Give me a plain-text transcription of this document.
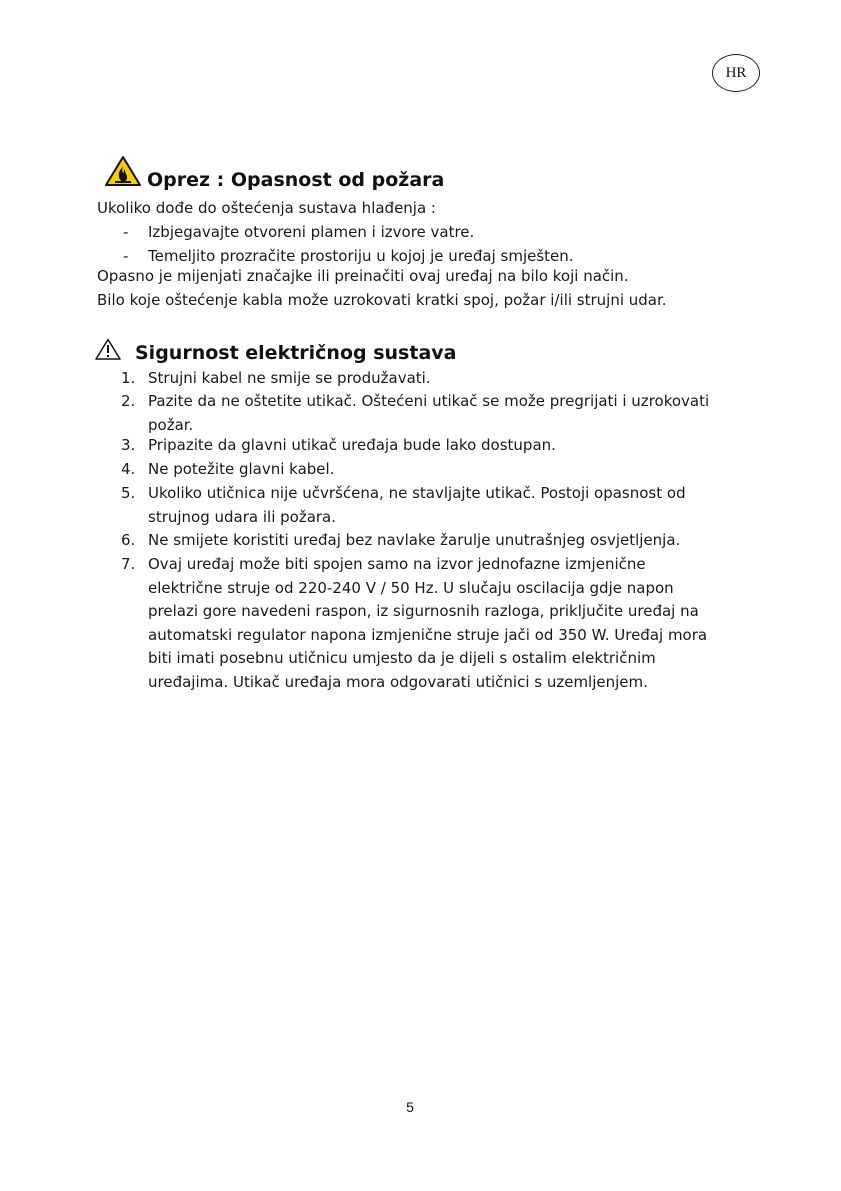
HR
Oprez : Opasnost od požara
Ukoliko dođe do oštećenja sustava hlađenja :
- Izbjegavajte otvoreni plamen i izvore vatre.
- Temeljito prozračite prostoriju u kojoj je uređaj smješten.
Opasno je mijenjati značajke ili preinačiti ovaj uređaj na bilo koji način.
Bilo koje oštećenje kabla može uzrokovati kratki spoj, požar i/ili strujni udar.
Sigurnost električnog sustava
1. Strujni kabel ne smije se produžavati.
2. Pazite da ne oštetite utikač. Oštećeni utikač se može pregrijati i uzrokovati
požar.
3. Pripazite da glavni utikač uređaja bude lako dostupan.
4. Ne potežite glavni kabel.
5. Ukoliko utičnica nije učvršćena, ne stavljajte utikač. Postoji opasnost od
strujnog udara ili požara.
6. Ne smijete koristiti uređaj bez navlake žarulje unutrašnjeg osvjetljenja.
7. Ovaj uređaj može biti spojen samo na izvor jednofazne izmjenične
električne struje od 220-240 V / 50 Hz. U slučaju oscilacija gdje napon
prelazi gore navedeni raspon, iz sigurnosnih razloga, priključite uređaj na
automatski regulator napona izmjenične struje jači od 350 W. Uređaj mora
biti imati posebnu utičnicu umjesto da je dijeli s ostalim električnim
uređajima. Utikač uređaja mora odgovarati utičnici s uzemljenjem.
5
